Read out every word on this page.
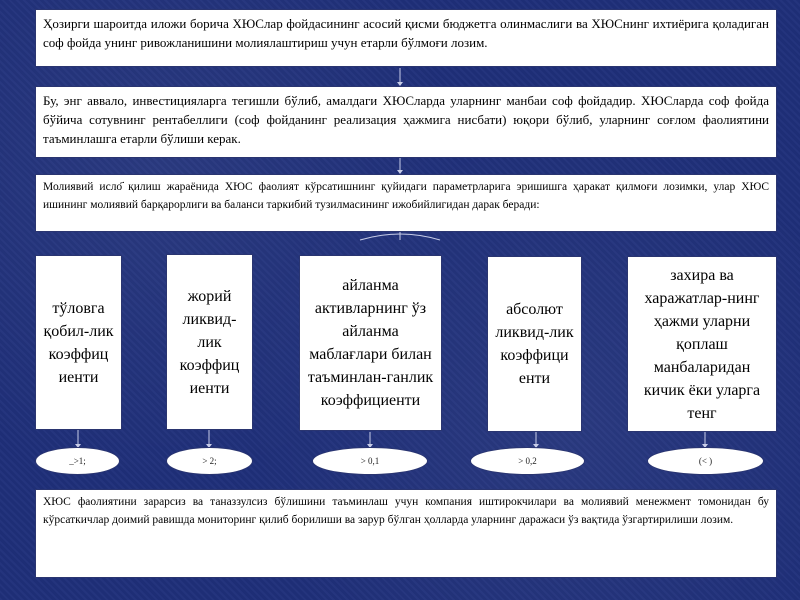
Ҳозирги шароитда иложи борича ХЮСлар фойдасининг асосий қисми бюджетга олинмаслиги ва ХЮСнинг ихтиёрига қоладиган соф фойда унинг ривожланишини молиялаштириш учун етарли бўлмоғи лозим.
Бу, энг аввало, инвестицияларга тегишли бўлиб, амалдаги ХЮСларда уларнинг манбаи соф фойдадир. ХЮСларда соф фойда бўйича сотувнинг рентабеллиги (соф фойданинг реализация ҳажмига нисбати) юқори бўлиб, уларнинг соғлом фаолиятини таъминлашга етарли бўлиши керак.
Молиявий исло҃ қилиш жараёнида ХЮС фаолият кўрсатишнинг қуйидаги параметрларига эришишга ҳаракат қилмоғи лозимки, улар ХЮС ишининг молиявий барқарорлиги ва баланси таркибий тузилмасининг ижобийлигидан дарак беради:
тўловга қобил-лик коэффиц иенти
жорий ликвид-лик коэффиц иенти
айланма активларнинг ўз айланма маблағлари билан таъминлан-ганлик коэффициенти
абсолют ликвид-лик коэффици енти
захира ва харажатлар-нинг ҳажми уларни қоплаш манбаларидан кичик ёки уларга тенг
_>1;	> 2;	> 0,1	> 0,2	(< )
ХЮС фаолиятини зарарсиз ва таназзулсиз бўлишини таъминлаш учун компания иштирокчилари ва молиявий менежмент томонидан бу кўрсаткичлар доимий равишда мониторинг қилиб борилиши ва зарур бўлган ҳолларда уларнинг даражаси ўз вақтида ўзгартирилиши лозим.
